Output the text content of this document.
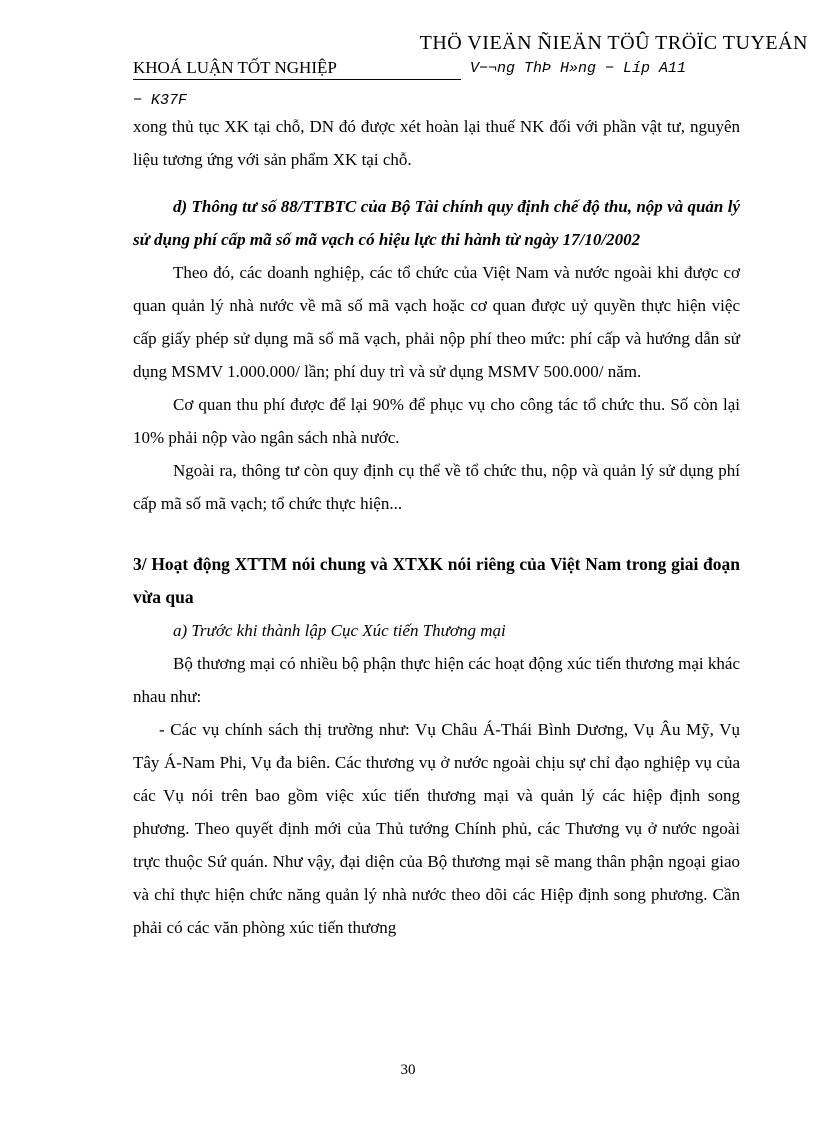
THÖ VIEÄN ÑIEÄN TÖÛ TRÖÏC TUYEÁN
KHOÁ LUẬN TỐT NGHIỆP	V−¬ng ThÞ H»ng − Líp A11
− K37F

xong thủ tục XK tại chỗ, DN đó được xét hoàn lại thuế NK đối với phần vật tư, nguyên liệu tương ứng với sản phẩm XK tại chỗ.

d) Thông tư số 88/TTBTC của Bộ Tài chính quy định chế độ thu, nộp và quản lý sử dụng phí cấp mã số mã vạch có hiệu lực thi hành từ ngày 17/10/2002

Theo đó, các doanh nghiệp, các tổ chức của Việt Nam và nước ngoài khi được cơ quan quản lý nhà nước về mã số mã vạch hoặc cơ quan được uỷ quyền thực hiện việc cấp giấy phép sử dụng mã số mã vạch, phải nộp phí theo mức: phí cấp và hướng dẫn sử dụng MSMV 1.000.000/ lần; phí duy trì và sử dụng MSMV 500.000/ năm.

Cơ quan thu phí được để lại 90% để phục vụ cho công tác tổ chức thu. Số còn lại 10% phải nộp vào ngân sách nhà nước.

Ngoài ra, thông tư còn quy định cụ thể về tổ chức thu, nộp và quản lý sử dụng phí cấp mã số mã vạch; tổ chức thực hiện...

3/ Hoạt động XTTM nói chung và XTXK nói riêng của Việt Nam trong giai đoạn vừa qua

a) Trước khi thành lập Cục Xúc tiến Thương mại

Bộ thương mại có nhiều bộ phận thực hiện các hoạt động xúc tiến thương mại khác nhau như:

- Các vụ chính sách thị trường như: Vụ Châu Á-Thái Bình Dương, Vụ Âu Mỹ, Vụ Tây Á-Nam Phi, Vụ đa biên. Các thương vụ ở nước ngoài chịu sự chỉ đạo nghiệp vụ của các Vụ nói trên bao gồm việc xúc tiến thương mại và quản lý các hiệp định song phương. Theo quyết định mới của Thủ tướng Chính phủ, các Thương vụ ở nước ngoài trực thuộc Sứ quán. Như vậy, đại diện của Bộ thương mại sẽ mang thân phận ngoại giao và chỉ thực hiện chức năng quản lý nhà nước theo dõi các Hiệp định song phương. Cần phải có các văn phòng xúc tiến thương

30
